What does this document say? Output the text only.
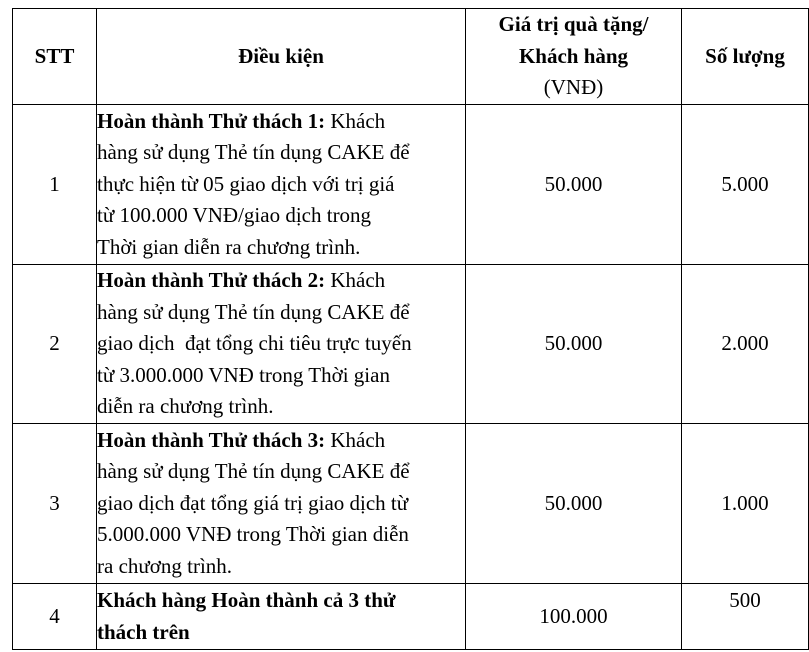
STT	Điều kiện	Giá trị quà tặng/
Khách hàng
(VNĐ)	Số lượng
1	Hoàn thành Thử thách 1: Khách
hàng sử dụng Thẻ tín dụng CAKE để
thực hiện từ 05 giao dịch với trị giá
từ 100.000 VNĐ/giao dịch trong
Thời gian diễn ra chương trình.	50.000	5.000
2	Hoàn thành Thử thách 2: Khách
hàng sử dụng Thẻ tín dụng CAKE để
giao dịch  đạt tổng chi tiêu trực tuyến
từ 3.000.000 VNĐ trong Thời gian
diễn ra chương trình.	50.000	2.000
3	Hoàn thành Thử thách 3: Khách
hàng sử dụng Thẻ tín dụng CAKE để
giao dịch đạt tổng giá trị giao dịch từ
5.000.000 VNĐ trong Thời gian diễn
ra chương trình.	50.000	1.000
4	Khách hàng Hoàn thành cả 3 thử
thách trên	100.000	500
